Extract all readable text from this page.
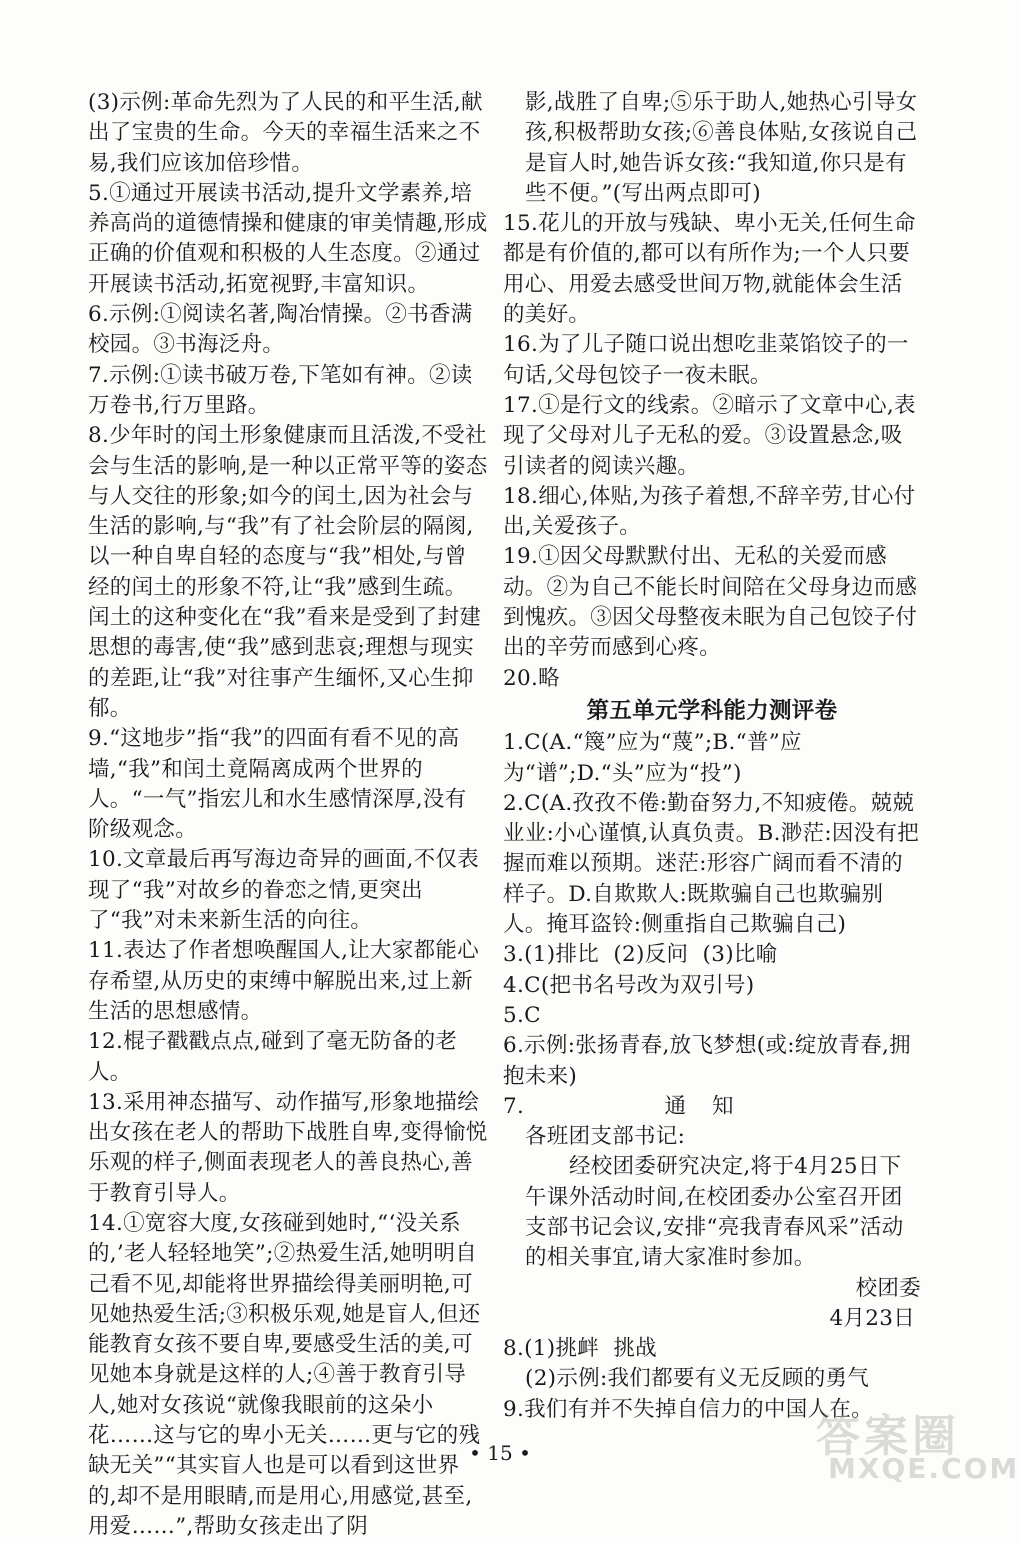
(3)示例:革命先烈为了人民的和平生活,献出了宝贵的生命。今天的幸福生活来之不易,我们应该加倍珍惜。

5.①通过开展读书活动,提升文学素养,培养高尚的道德情操和健康的审美情趣,形成正确的价值观和积极的人生态度。②通过开展读书活动,拓宽视野,丰富知识。

6.示例:①阅读名著,陶冶情操。②书香满校园。③书海泛舟。

7.示例:①读书破万卷,下笔如有神。②读万卷书,行万里路。

8.少年时的闰土形象健康而且活泼,不受社会与生活的影响,是一种以正常平等的姿态与人交往的形象;如今的闰土,因为社会与生活的影响,与“我”有了社会阶层的隔阂,以一种自卑自轻的态度与“我”相处,与曾经的闰土的形象不符,让“我”感到生疏。闰土的这种变化在“我”看来是受到了封建思想的毒害,使“我”感到悲哀;理想与现实的差距,让“我”对往事产生缅怀,又心生抑郁。

9.“这地步”指“我”的四面有看不见的高墙,“我”和闰土竟隔离成两个世界的人。“一气”指宏儿和水生感情深厚,没有阶级观念。

10.文章最后再写海边奇异的画面,不仅表现了“我”对故乡的眷恋之情,更突出了“我”对未来新生活的向往。

11.表达了作者想唤醒国人,让大家都能心存希望,从历史的束缚中解脱出来,过上新生活的思想感情。

12.棍子戳戳点点,碰到了毫无防备的老人。

13.采用神态描写、动作描写,形象地描绘出女孩在老人的帮助下战胜自卑,变得愉悦乐观的样子,侧面表现老人的善良热心,善于教育引导人。

14.①宽容大度,女孩碰到她时,“‘没关系的,’老人轻轻地笑”;②热爱生活,她明明自己看不见,却能将世界描绘得美丽明艳,可见她热爱生活;③积极乐观,她是盲人,但还能教育女孩不要自卑,要感受生活的美,可见她本身就是这样的人;④善于教育引导人,她对女孩说“就像我眼前的这朵小花……这与它的卑小无关……更与它的残缺无关”“其实盲人也是可以看到这世界的,却不是用眼睛,而是用心,用感觉,甚至,用爱……”,帮助女孩走出了阴

影,战胜了自卑;⑤乐于助人,她热心引导女孩,积极帮助女孩;⑥善良体贴,女孩说自己是盲人时,她告诉女孩:“我知道,你只是有些不便。”(写出两点即可)

15.花儿的开放与残缺、卑小无关,任何生命都是有价值的,都可以有所作为;一个人只要用心、用爱去感受世间万物,就能体会生活的美好。

16.为了儿子随口说出想吃韭菜馅饺子的一句话,父母包饺子一夜未眠。

17.①是行文的线索。②暗示了文章中心,表现了父母对儿子无私的爱。③设置悬念,吸引读者的阅读兴趣。

18.细心,体贴,为孩子着想,不辞辛劳,甘心付出,关爱孩子。

19.①因父母默默付出、无私的关爱而感动。②为自己不能长时间陪在父母身边而感到愧疚。③因父母整夜未眠为自己包饺子付出的辛劳而感到心疼。

20.略

第五单元学科能力测评卷

1.C(A.“篾”应为“蔑”;B.“普”应为“谱”;D.“头”应为“投”)

2.C(A.孜孜不倦:勤奋努力,不知疲倦。兢兢业业:小心谨慎,认真负责。B.渺茫:因没有把握而难以预期。迷茫:形容广阔而看不清的样子。D.自欺欺人:既欺骗自己也欺骗别人。掩耳盗铃:侧重指自己欺骗自己)

3.(1)排比  (2)反问  (3)比喻

4.C(把书名号改为双引号)

5.C

6.示例:张扬青春,放飞梦想(或:绽放青春,拥抱未来)

7.	通知

各班团支部书记:

经校团委研究决定,将于4月25日下午课外活动时间,在校团委办公室召开团支部书记会议,安排“亮我青春风采”活动的相关事宜,请大家准时参加。

校团委

4月23日

8.(1)挑衅  挑战

(2)示例:我们都要有义无反顾的勇气

9.我们有并不失掉自信力的中国人在。

• 15 •	答案圈
MXQE.COM
